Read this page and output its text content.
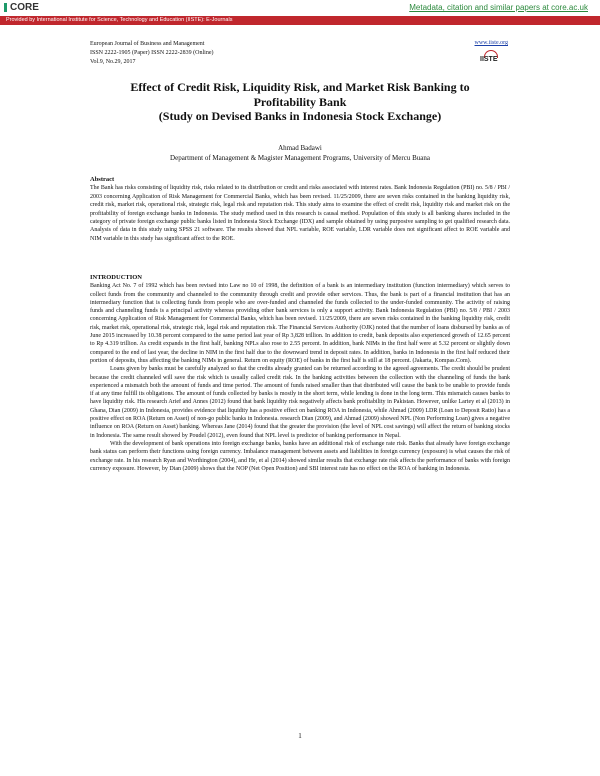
CORE	Metadata, citation and similar papers at core.ac.uk
Provided by International Institute for Science, Technology and Education (IISTE): E-Journals
European Journal of Business and Management
ISSN 2222-1905 (Paper) ISSN 2222-2839 (Online)
Vol.9, No.29, 2017
www.iiste.org
IISTE
Effect of Credit Risk, Liquidity Risk, and Market Risk Banking to
Profitability Bank
(Study on Devised Banks in Indonesia Stock Exchange)
Ahmad Badawi
Department of Management & Magister Management Programs, University of Mercu Buana
Abstract

The Bank has risks consisting of liquidity risk, risks related to its distribution or credit and risks associated with interest rates. Bank Indonesia Regulation (PBI) no. 5/8 / PBI / 2003 concerning Application of Risk Management for Commercial Banks, which has been revised. 11/25/2009, there are seven risks contained in the banking liquidity risk, credit risk, market risk, operational risk, strategic risk, legal risk and reputation risk. This study aims to examine the effect of credit risk, liquidity risk and market risk on the profitability of foreign exchange banks in Indonesia. The study method used in this research is causal method. Population of this study is all banking shares included in the category of private foreign exchange public banks listed in Indonesia Stock Exchange (IDX) and sample obtained by using purposive sampling to get qualified research data. Analysis of data in this study using SPSS 21 software. The results showed that NPL variable, ROE variable, LDR variable does not significant affect to ROE variable and NIM variable in this study has significant affect to the ROE.

INTRODUCTION

Banking Act No. 7 of 1992 which has been revised into Law no 10 of 1998, the definition of a bank is an intermediary institution (function intermediary) which serves to collect funds from the community and channeled to the community through credit and provide other services. Thus, the bank is part of a financial institution that has an intermediary function that is collecting funds from people who are over-funded and channeled the funds collected to the under-funded community. The activity of raising funds and channeling funds is a principal activity whereas providing other bank services is only a support activity. Bank Indonesia Regulation (PBI) no. 5/8 / PBI / 2003 concerning Application of Risk Management for Commercial Banks, which has been revised. 11/25/2009, there are seven risks contained in the banking liquidity risk, credit risk, market risk, operational risk, strategic risk, legal risk and reputation risk. The Financial Services Authority (OJK) noted that the number of loans disbursed by banks as of June 2015 increased by 10.38 percent compared to the same period last year of Rp 3,828 trillion. In addition to credit, bank deposits also experienced growth of 12.65 percent to Rp 4.319 trillion. As credit expands in the first half, banking NPLs also rose to 2.55 percent. In addition, bank NIMs in the first half were at 5.32 percent or slightly down compared to the end of last year, the decline in NIM in the first half due to the downward trend in deposit rates. In addition, banks in Indonesia in the first half reduced their portion of deposits, thus affecting the banking NIMs in general. Return on equity (ROE) of banks in the first half is still at 18 percent. (Jakarta, Kompas.Com).

Loans given by banks must be carefully analyzed so that the credits already granted can be returned according to the agreed agreements. The credit should be prudent because the credit channeled will save the risk which is usually called credit risk. In the banking activities between the collection with the channeling of funds the bank experienced a mismatch both the amount of funds and time period. The amount of funds raised smaller than that distributed will cause the bank to be unable to provide funds if at any time fulfill its obligations. The amount of funds collected by banks is mostly in the short term, while lending is done in the long term. This mismatch causes banks to have liquidity risk. His research Arief and Annes (2012) found that bank liquidity risk negatively affects bank profitability in Pakistan. However, unlike Lartey et al (2013) in Ghana, Dian (2009) in Indonesia, provides evidence that liquidity has a positive effect on banking ROA in Indonesia, while Ahmad (2009) LDR (Loan to Deposit Ratio) has a positive effect on ROA (Return on Asset) of non-go public banks in Indonesia. research Dian (2009), and Ahmad (2009) showed NPL (Non Performing Loan) gives a negative influence on ROA (Return on Asset) banking. Whereas Jane (2014) found that the greater the provision (the level of NPL cost savings) will affect the return of banking stocks in Indonesia. The same result showed by Poudel (2012), even found that NPL level is predictor of banking performance in Nepal.

With the development of bank operations into foreign exchange banks, banks have an additional risk of exchange rate risk. Banks that already have foreign exchange bank status can perform their functions using foreign currency. Imbalance management between assets and liabilities in foreign currency (exposure) is what causes the risk of exchange rate. In his research Ryan and Worthington (2004), and He, et al (2014) showed similar results that exchange rate risk affects the performance of banks with foreign currency exposure. However, by Dian (2009) shows that the NOP (Net Open Position) and SBI interest rate has no effect on the ROA of banking in Indonesia.

1
